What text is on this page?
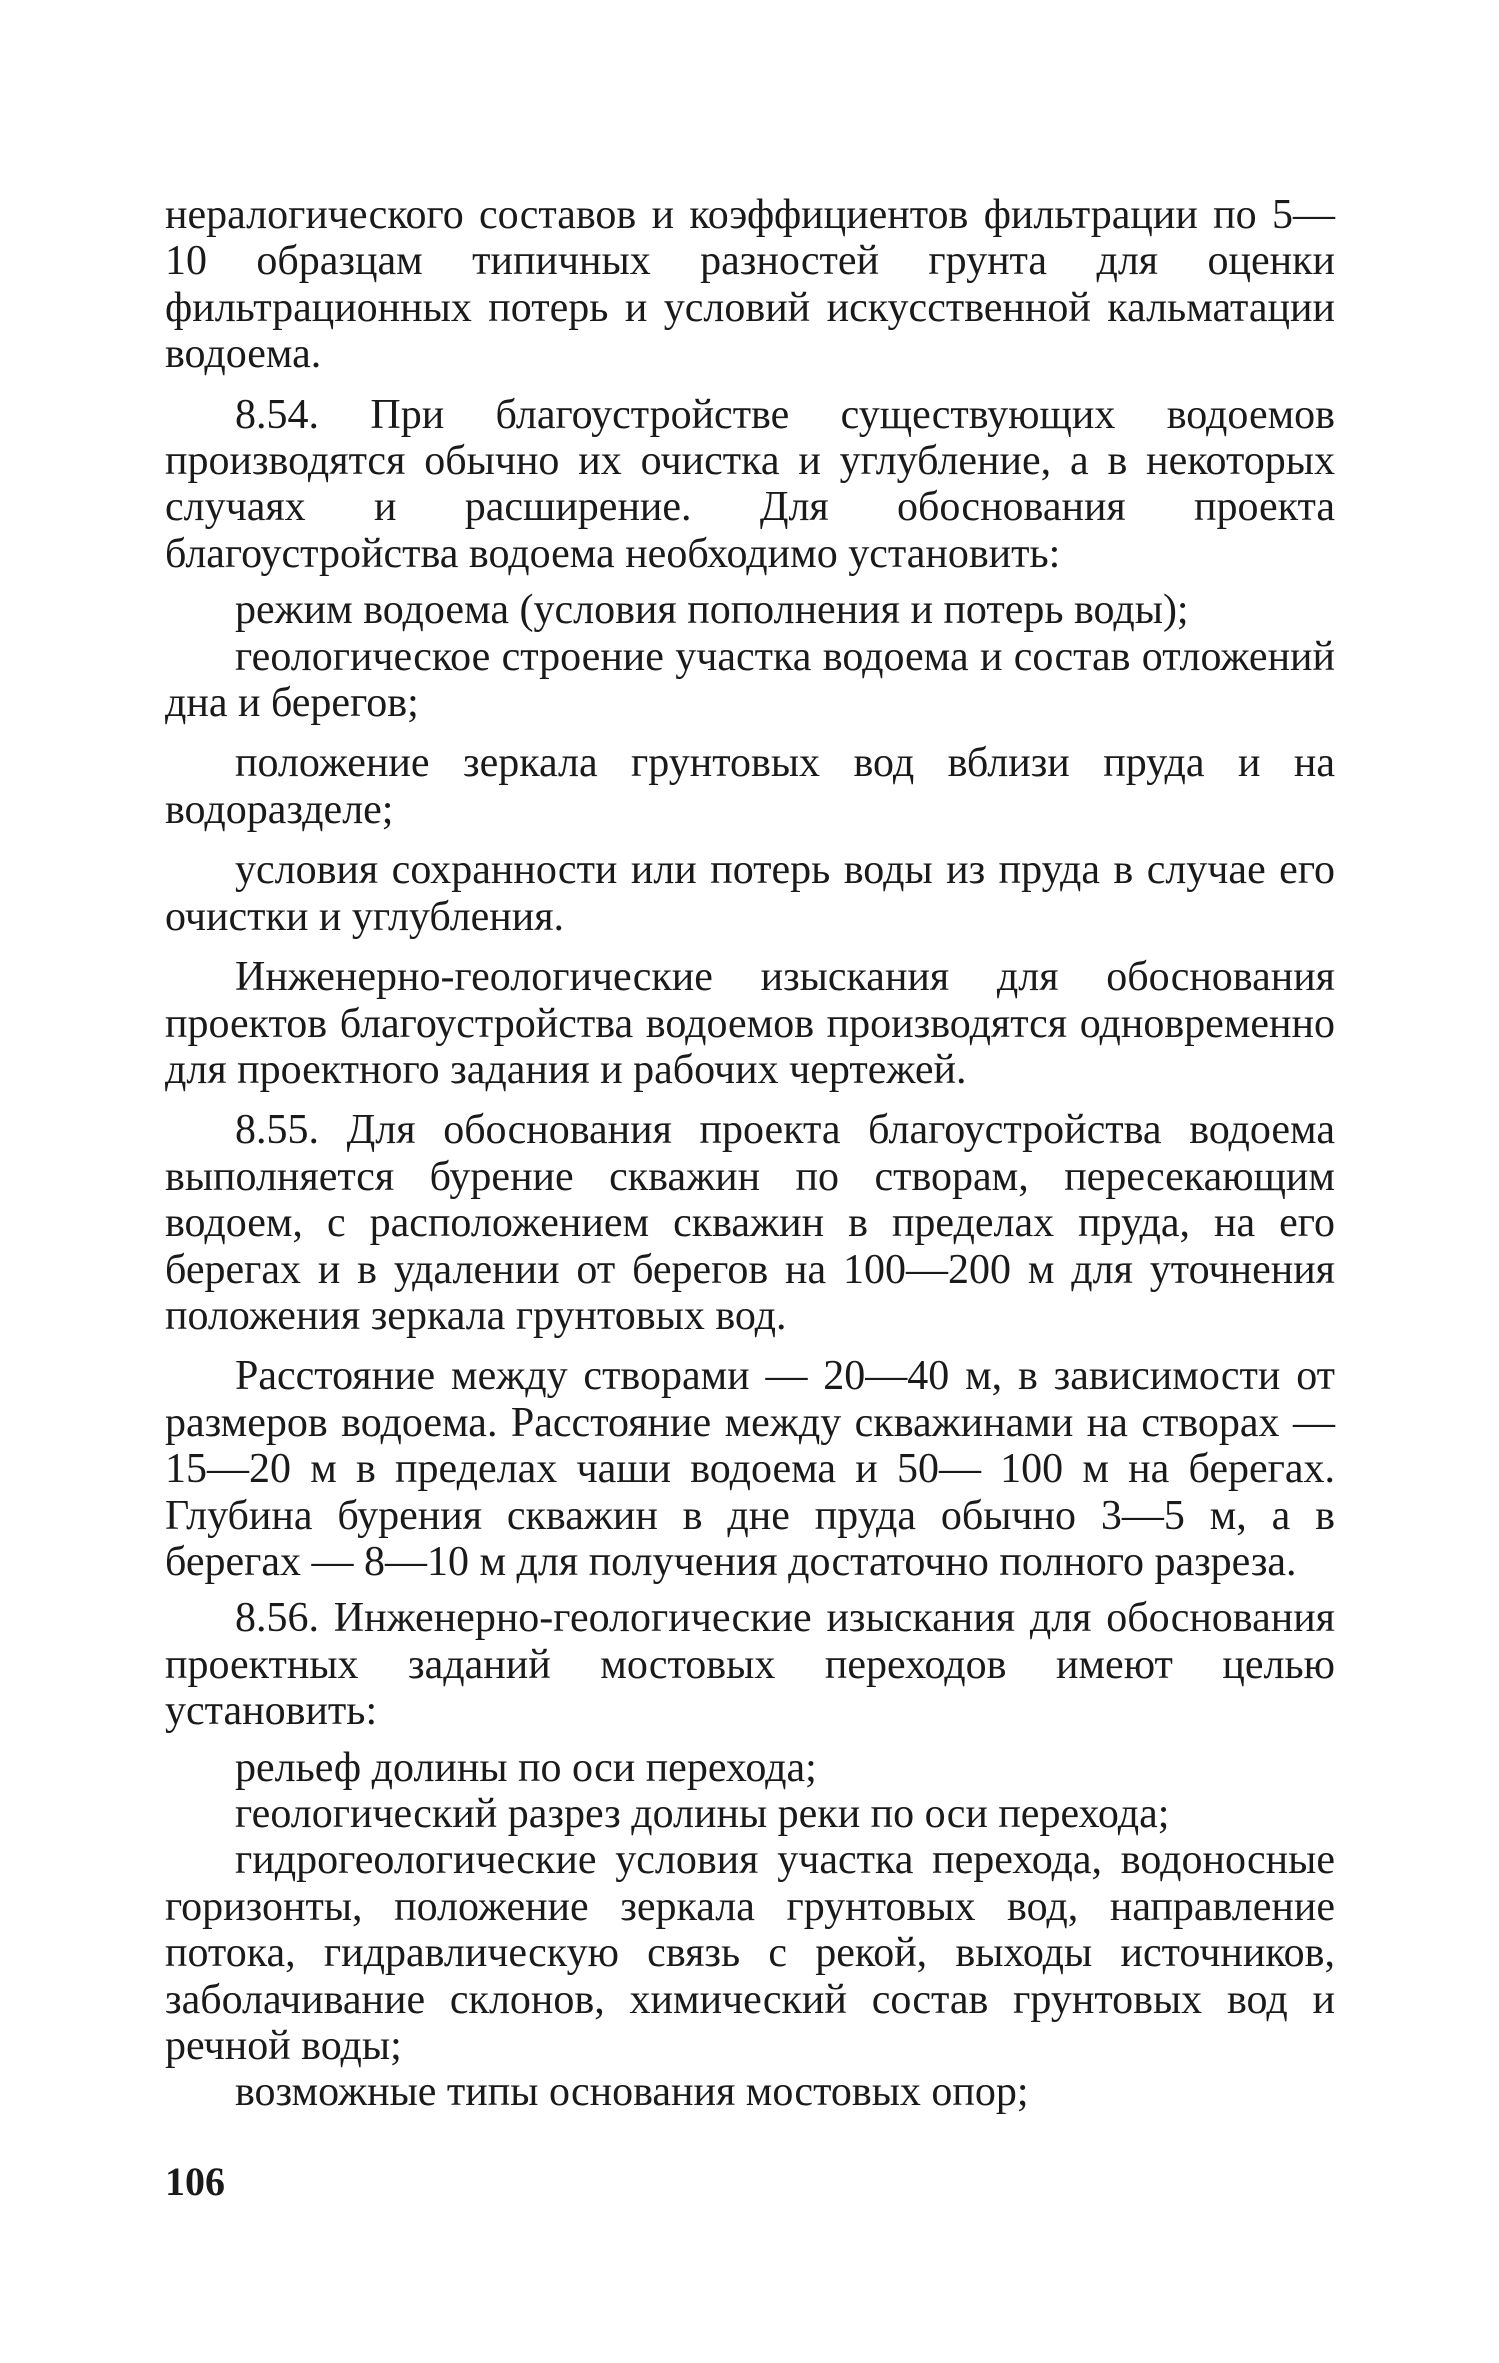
нералогического составов и коэффициентов фильтрации по 5—10 образцам типичных разностей грунта для оценки фильтрационных потерь и условий искусственной кальматации водоема.

8.54. При благоустройстве существующих водоемов производятся обычно их очистка и углубление, а в некоторых случаях и расширение. Для обоснования проекта благоустройства водоема необходимо установить:

режим водоема (условия пополнения и потерь воды);

геологическое строение участка водоема и состав отложений дна и берегов;

положение зеркала грунтовых вод вблизи пруда и на водоразделе;

условия сохранности или потерь воды из пруда в случае его очистки и углубления.

Инженерно-геологические изыскания для обоснования проектов благоустройства водоемов производятся одновременно для проектного задания и рабочих чертежей.

8.55. Для обоснования проекта благоустройства водоема выполняется бурение скважин по створам, пересекающим водоем, с расположением скважин в пределах пруда, на его берегах и в удалении от берегов на 100—200 м для уточнения положения зеркала грунтовых вод.

Расстояние между створами — 20—40 м, в зависимости от размеров водоема. Расстояние между скважинами на створах — 15—20 м в пределах чаши водоема и 50— 100 м на берегах. Глубина бурения скважин в дне пруда обычно 3—5 м, а в берегах — 8—10 м для получения достаточно полного разреза.

8.56. Инженерно-геологические изыскания для обоснования проектных заданий мостовых переходов имеют целью установить:

рельеф долины по оси перехода;

геологический разрез долины реки по оси перехода;

гидрогеологические условия участка перехода, водоносные горизонты, положение зеркала грунтовых вод, направление потока, гидравлическую связь с рекой, выходы источников, заболачивание склонов, химический состав грунтовых вод и речной воды;

возможные типы основания мостовых опор;

106
